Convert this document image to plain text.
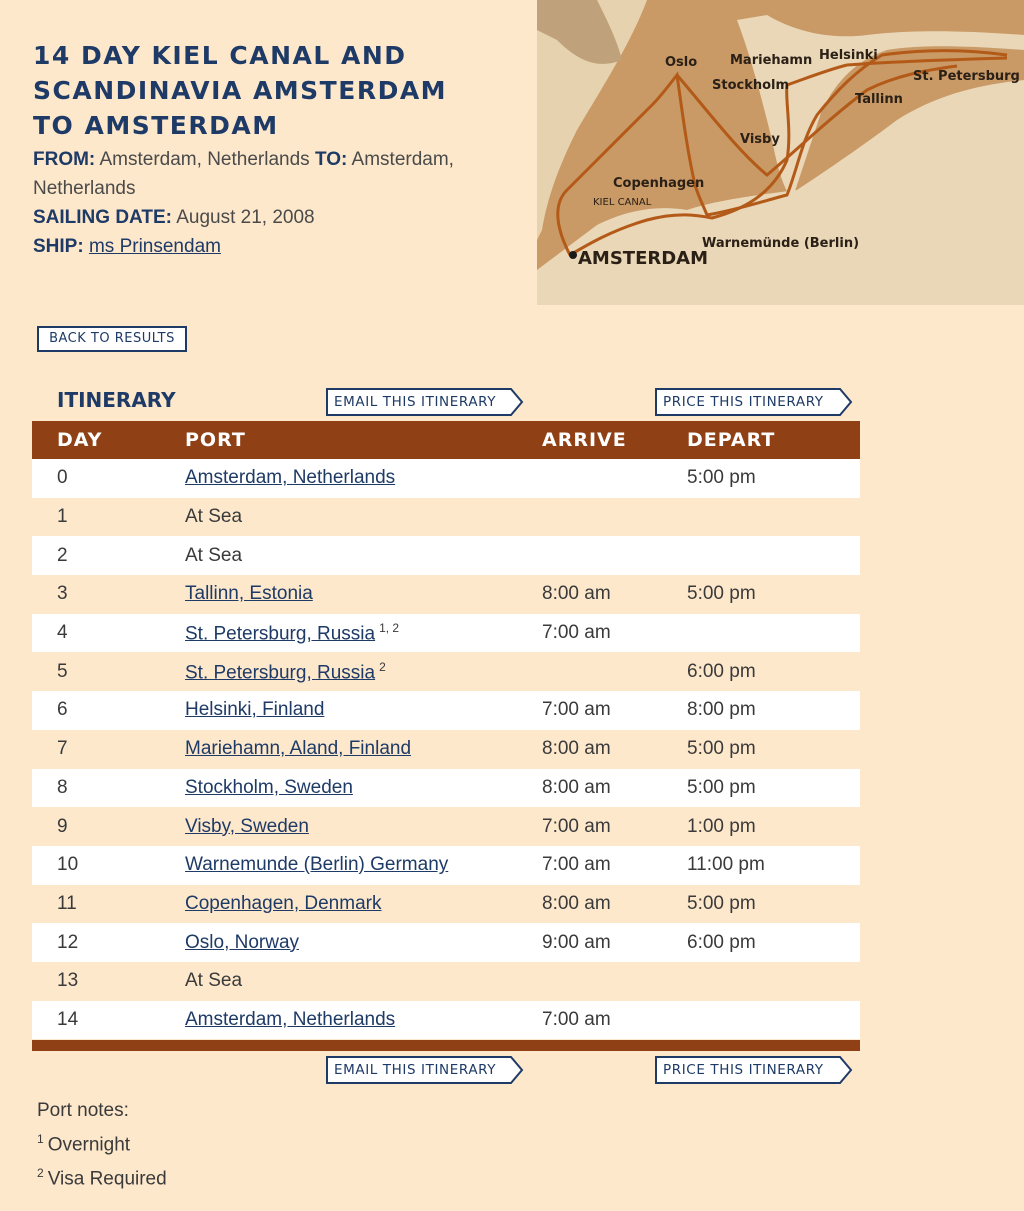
14 DAY KIEL CANAL AND SCANDINAVIA AMSTERDAM TO AMSTERDAM
FROM: Amsterdam, Netherlands TO: Amsterdam, Netherlands
SAILING DATE: August 21, 2008
SHIP: ms Prinsendam
Oslo	Mariehamn Helsinki
St. Petersburg
Stockholm
Tallinn
Visby
Copenhagen
KIEL CANAL
Warnemünde (Berlin)
AMSTERDAM
BACK TO RESULTS
ITINERARY	EMAIL THIS ITINERARY	PRICE THIS ITINERARY
DAY	PORT	ARRIVE	DEPART
0	Amsterdam, Netherlands		5:00 pm
1	At Sea		
2	At Sea		
3	Tallinn, Estonia	8:00 am	5:00 pm
4	St. Petersburg, Russia $^{1, 2}$	7:00 am	
5	St. Petersburg, Russia $^2$		6:00 pm
6	Helsinki, Finland	7:00 am	8:00 pm
7	Mariehamn, Aland, Finland	8:00 am	5:00 pm
8	Stockholm, Sweden	8:00 am	5:00 pm
9	Visby, Sweden	7:00 am	1:00 pm
10	Warnemunde (Berlin) Germany	7:00 am	11:00 pm
11	Copenhagen, Denmark	8:00 am	5:00 pm
12	Oslo, Norway	9:00 am	6:00 pm
13	At Sea		
14	Amsterdam, Netherlands	7:00 am	
EMAIL THIS ITINERARY	PRICE THIS ITINERARY
Port notes:
$^1$ Overnight
$^2$ Visa Required
